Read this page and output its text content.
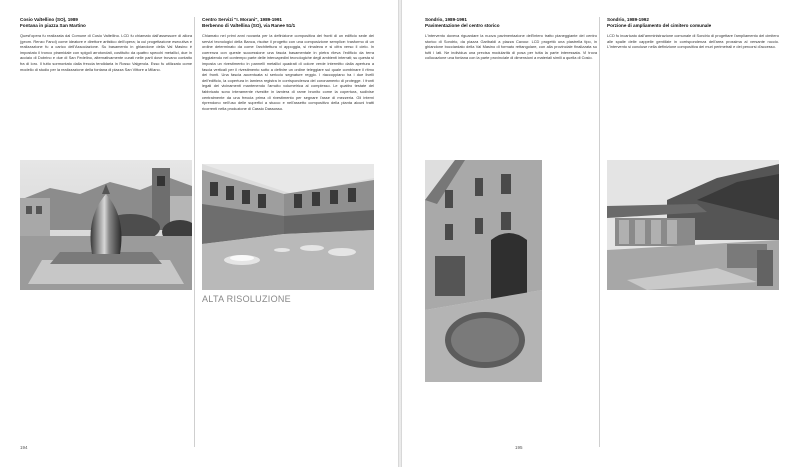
Cosio Valtellino (SO), 1989
Fontana in piazza San Martino

Quest'opera fu realizzata dal Comune di Cosio Valtellino. LCD fu chiamato dall'assessore di allora (geom. Renzo Fanoi) come ideatore e direttore artistico dell'opera; la cui progettazione esecutiva e realizzazione fu a carico dell'Associazione. Su basamento in ghiandone della Val Masino è impostato il tronco piramidale con spigoli arrotondati, costituito da quattro specchi metallici, due in acciaio di Dobrino e due di San Fedelino, alternativamente curati nelle parti dove trovano contatto fra di loro. Il tutto sormontato dalla freccia tendidaria in Rosso Valgerola. Esso fu utilizzato come modello di studio per la realizzazione della fontana di piazza San Vittore a Milano.

Centro Servizi "I. Morani", 1989-1991
Berbenno di Valtellina (SO), via Ranee 51/1

Chiamato nei primi anni novanta per la definizione compositiva dei fronti di un edificio sede dei servizi tecnologici della Banca, risolse il progetto con una composizione semplice: trasformo di un ordine determinato da come l'architettura vi appoggia, si rimaleva e si cifra verso il cielo. In coerenza con queste successione una fascia basamentale in pietra rileva l'edificio da terra leggiatendo nel contempo parte delle intercapedini tecnologiche degli ambienti interrati; su questa si imposta un rivestimento in pannelli metallici quadrati di colore verde intermitto dalla apertura a fascia verticali per il rivestimento sotto a definire un ordine teleggiare sul quale combinare il ritmo dei fronti. Una fascia accentuata si sericcio segnature reggio. I riaccoppiano ha i due livelli dell'edificio, la copertura in lamiera registra in corrispondenza del coronamento di protegge. I fronti legati dei vicinamenti mantenendo l'amcito volumetrica al complesso. Le quattro testate del fabbricato sono interamente rivestite in lamiera di rame brunito come la copertura, sudivise centralmente da una freccia prima di rivestimento per segnare l'asse di mezzeria. Gli interni riprendono nell'uso delle superfici a stucco e nell'assetto compositivo della pianta alcuni tratti ricorrenti nella produzione di Cassio Dassosso.

Sondrio, 1989-1991
Pavimentazione del centro storico

L'intervento doveva riguardare la nuova pavimentazione dell'intero tratto pianeggiante del centro storico di Sondrio, da piazza Garibaldi a piazza Cavour. LCD progettò una piastrella tipo, in ghiandone bocciardato della Val Masino di formato rettangolare, con alla provinciale finalizzata su tutti i lati. Ne individua una precisa modularità di posa per tutta la parte interessata. Vi trova collocazione una fontana con la parte provinciale di dimensioni a materiali simili a quella di Cosio.

Sondrio, 1989-1992
Porzione di ampliamento del cimitero comunale

LCD fu incaricato dall'amministrazione comunale di Sondrio di progettare l'ampliamento del cimitero alle spalle delle cappelle gentilizie in corrispondenza dell'area prossima al versante roccio. L'intervento si concluse nella definizione compositiva dei muri perimetrali e dei percorsi d'accesso.

ALTA RISOLUZIONE
194	195
